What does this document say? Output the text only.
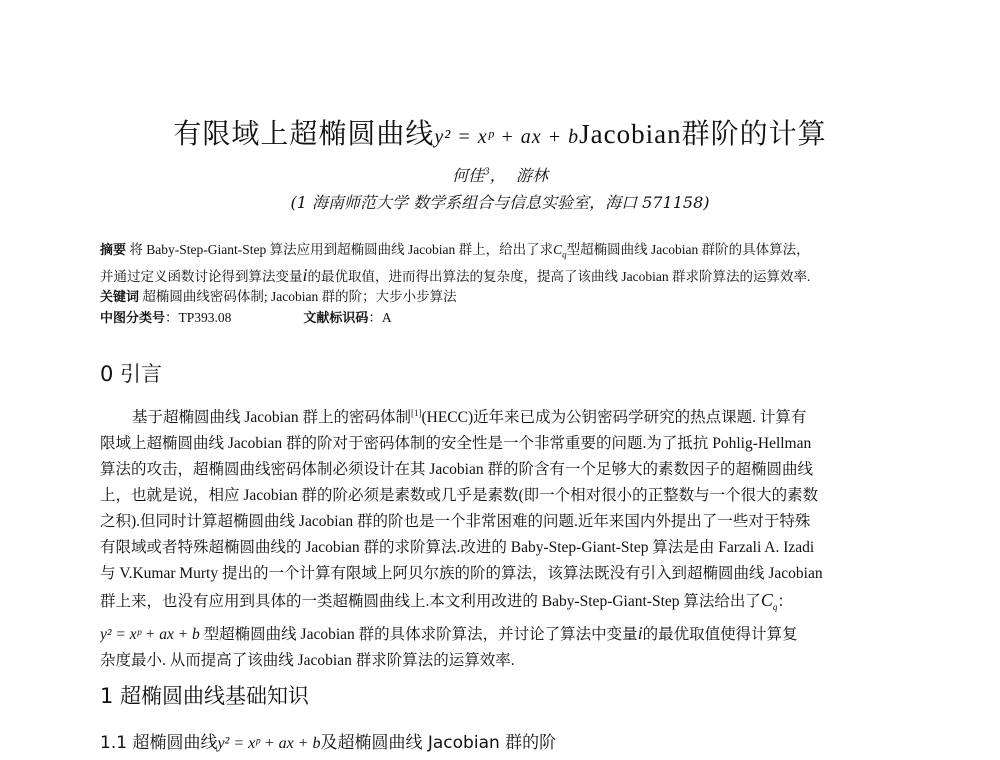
有限域上超椭圆曲线y² = xᵖ + ax + bJacobian群阶的计算
何佳$^3$， 游林
(1 海南师范大学 数学系组合与信息实验室，海口 571158)
摘要 将 Baby-Step-Giant-Step 算法应用到超椭圆曲线 Jacobian 群上，给出了求$C_q$型超椭圆曲线 Jacobian 群阶的具体算法，
并通过定义函数讨论得到算法变量i的最优取值，进而得出算法的复杂度，提高了该曲线 Jacobian 群求阶算法的运算效率.
关键词 超椭圆曲线密码体制; Jacobian 群的阶；大步小步算法
中图分类号：TP393.08	文献标识码：A
0 引言
基于超椭圆曲线 Jacobian 群上的密码体制[1](HECC)近年来已成为公钥密码学研究的热点课题. 计算有
限域上超椭圆曲线 Jacobian 群的阶对于密码体制的安全性是一个非常重要的问题.为了抵抗 Pohlig-Hellman
算法的攻击，超椭圆曲线密码体制必须设计在其 Jacobian 群的阶含有一个足够大的素数因子的超椭圆曲线
上，也就是说，相应 Jacobian 群的阶必须是素数或几乎是素数(即一个相对很小的正整数与一个很大的素数
之积).但同时计算超椭圆曲线 Jacobian 群的阶也是一个非常困难的问题.近年来国内外提出了一些对于特殊
有限域或者特殊超椭圆曲线的 Jacobian 群的求阶算法.改进的 Baby-Step-Giant-Step 算法是由 Farzali A. Izadi
与 V.Kumar Murty 提出的一个计算有限域上阿贝尔族的阶的算法，该算法既没有引入到超椭圆曲线 Jacobian
群上来，也没有应用到具体的一类超椭圆曲线上.本文利用改进的 Baby-Step-Giant-Step 算法给出了$C_q$：
y² = xᵖ + ax + b 型超椭圆曲线 Jacobian 群的具体求阶算法，并讨论了算法中变量i的最优取值使得计算复
杂度最小. 从而提高了该曲线 Jacobian 群求阶算法的运算效率.
1 超椭圆曲线基础知识
1.1 超椭圆曲线y² = xᵖ + ax + b及超椭圆曲线 Jacobian 群的阶
